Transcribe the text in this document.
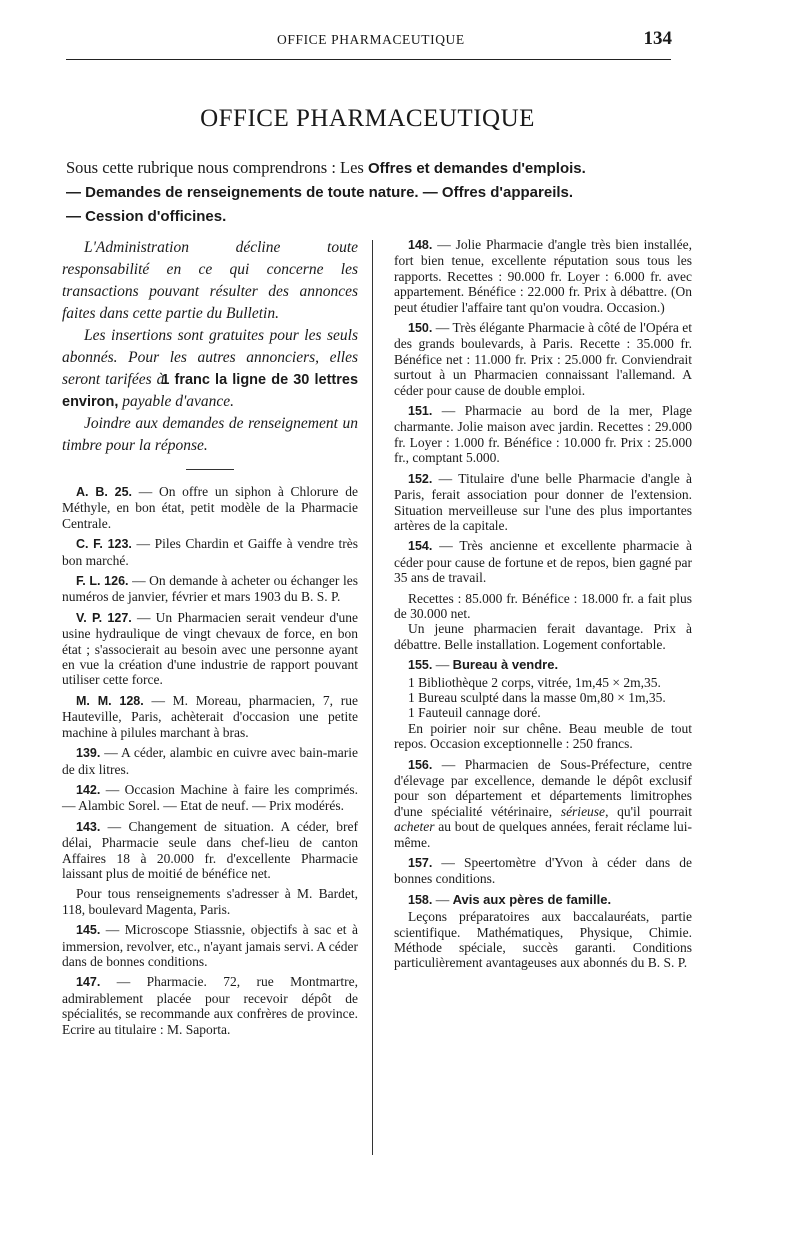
OFFICE PHARMACEUTIQUE	134
OFFICE PHARMACEUTIQUE
Sous cette rubrique nous comprendrons : Les Offres et demandes d'emplois.
— Demandes de renseignements de toute nature. — Offres d'appareils.
— Cession d'officines.

L'Administration décline toute responsabilité en ce qui concerne les transactions pouvant résulter des annonces faites dans cette partie du Bulletin.

Les insertions sont gratuites pour les seuls abonnés. Pour les autres annonciers, elles seront tarifées à 1 franc la ligne de 30 lettres environ, payable d'avance.

Joindre aux demandes de renseignement un timbre pour la réponse.

A. B. 25. — On offre un siphon à Chlorure de Méthyle, en bon état, petit modèle de la Pharmacie Centrale.

C. F. 123. — Piles Chardin et Gaiffe à vendre très bon marché.

F. L. 126. — On demande à acheter ou échanger les numéros de janvier, février et mars 1903 du B. S. P.

V. P. 127. — Un Pharmacien serait vendeur d'une usine hydraulique de vingt chevaux de force, en bon état ; s'associerait au besoin avec une personne ayant en vue la création d'une industrie de rapport pouvant utiliser cette force.

M. M. 128. — M. Moreau, pharmacien, 7, rue Hauteville, Paris, achèterait d'occasion une petite machine à pilules marchant à bras.

139. — A céder, alambic en cuivre avec bain-marie de dix litres.

142. — Occasion Machine à faire les comprimés. — Alambic Sorel. — Etat de neuf. — Prix modérés.

143. — Changement de situation. A céder, bref délai, Pharmacie seule dans chef-lieu de canton Affaires 18 à 20.000 fr. d'excellente Pharmacie laissant plus de moitié de bénéfice net.

Pour tous renseignements s'adresser à M. Bardet, 118, boulevard Magenta, Paris.

145. — Microscope Stiassnie, objectifs à sac et à immersion, revolver, etc., n'ayant jamais servi. A céder dans de bonnes conditions.

147. — Pharmacie. 72, rue Montmartre, admirablement placée pour recevoir dépôt de spécialités, se recommande aux confrères de province. Ecrire au titulaire : M. Saporta.

148. — Jolie Pharmacie d'angle très bien installée, fort bien tenue, excellente réputation sous tous les rapports. Recettes : 90.000 fr. Loyer : 6.000 fr. avec appartement. Bénéfice : 22.000 fr. Prix à débattre. (On peut étudier l'affaire tant qu'on voudra. Occasion.)

150. — Très élégante Pharmacie à côté de l'Opéra et des grands boulevards, à Paris. Recette : 35.000 fr. Bénéfice net : 11.000 fr. Prix : 25.000 fr. Conviendrait surtout à un Pharmacien connaissant l'allemand. A céder pour cause de double emploi.

151. — Pharmacie au bord de la mer, Plage charmante. Jolie maison avec jardin. Recettes : 29.000 fr. Loyer : 1.000 fr. Bénéfice : 10.000 fr. Prix : 25.000 fr., comptant 5.000.

152. — Titulaire d'une belle Pharmacie d'angle à Paris, ferait association pour donner de l'extension. Situation merveilleuse sur l'une des plus importantes artères de la capitale.

154. — Très ancienne et excellente pharmacie à céder pour cause de fortune et de repos, bien gagné par 35 ans de travail.

Recettes : 85.000 fr. Bénéfice : 18.000 fr. a fait plus de 30.000 net.

Un jeune pharmacien ferait davantage. Prix à débattre. Belle installation. Logement confortable.

155. — Bureau à vendre.

1 Bibliothèque 2 corps, vitrée, 1m,45 × 2m,35.

1 Bureau sculpté dans la masse 0m,80 × 1m,35.

1 Fauteuil cannage doré.

En poirier noir sur chêne. Beau meuble de tout repos. Occasion exceptionnelle : 250 francs.

156. — Pharmacien de Sous-Préfecture, centre d'élevage par excellence, demande le dépôt exclusif pour son département et départements limitrophes d'une spécialité vétérinaire, sérieuse, qu'il pourrait acheter au bout de quelques années, ferait réclame lui-même.

157. — Speertomètre d'Yvon à céder dans de bonnes conditions.

158. — Avis aux pères de famille.

Leçons préparatoires aux baccalauréats, partie scientifique. Mathématiques, Physique, Chimie. Méthode spéciale, succès garanti. Conditions particulièrement avantageuses aux abonnés du B. S. P.
